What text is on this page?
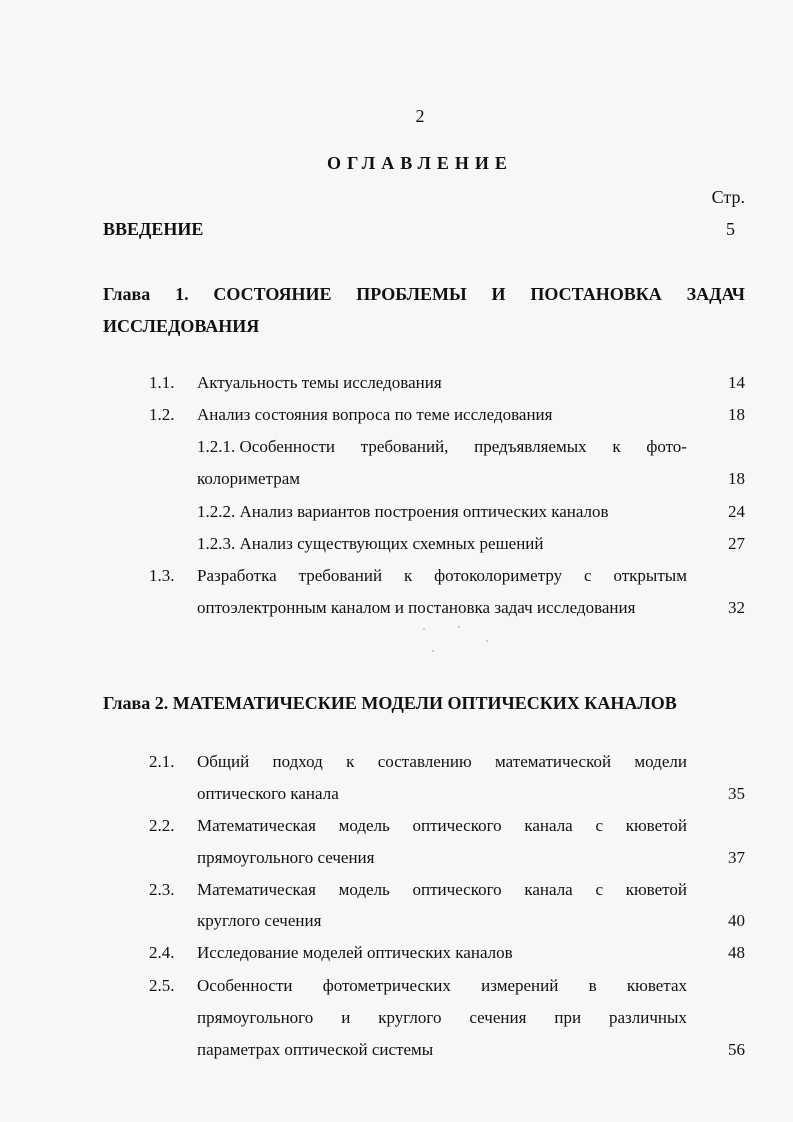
2
ОГЛАВЛЕНИЕ
Стр.
ВВЕДЕНИЕ	5
Глава 1. СОСТОЯНИЕ ПРОБЛЕМЫ И ПОСТАНОВКА ЗАДАЧ
ИССЛЕДОВАНИЯ
1.1. Актуальность темы исследования	14
1.2. Анализ состояния вопроса по теме исследования	18
1.2.1. Особенности требований, предъявляемых к фото-
колориметрам	18
1.2.2. Анализ вариантов построения оптических каналов	24
1.2.3. Анализ существующих схемных решений	27
1.3. Разработка требований к фотоколориметру с открытым
оптоэлектронным каналом и постановка задач исследования	32
Глава 2. МАТЕМАТИЧЕСКИЕ МОДЕЛИ ОПТИЧЕСКИХ КАНАЛОВ
2.1. Общий подход к составлению математической модели
оптического канала	35
2.2. Математическая модель оптического канала с кюветой
прямоугольного сечения	37
2.3. Математическая модель оптического канала с кюветой
круглого сечения	40
2.4. Исследование моделей оптических каналов	48
2.5. Особенности фотометрических измерений в кюветах
прямоугольного и круглого сечения при различных
параметрах оптической системы	56
